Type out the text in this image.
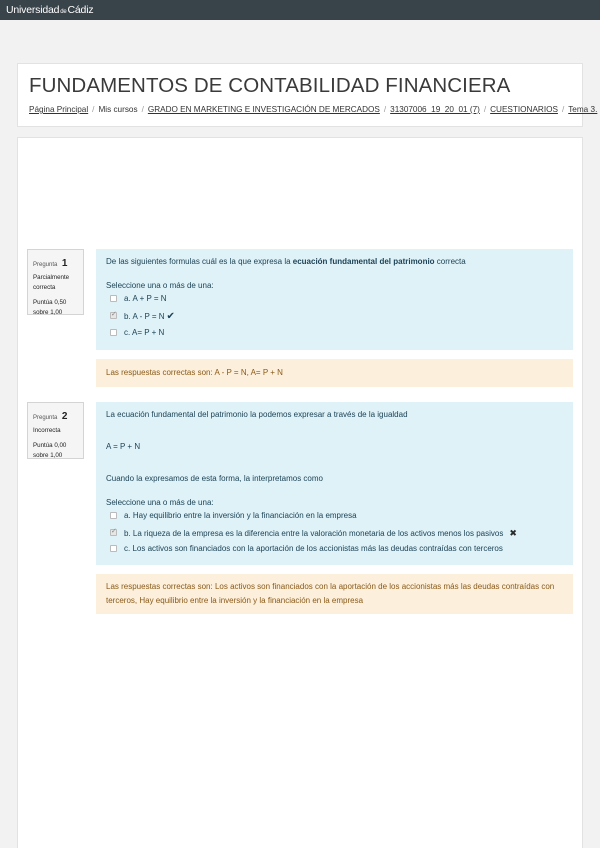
UniversidaddeCádiz
FUNDAMENTOS DE CONTABILIDAD FINANCIERA
Página Principal / Mis cursos / GRADO EN MARKETING E INVESTIGACIÓN DE MERCADOS / 31307006_19_20_01 (7) / CUESTIONARIOS / Tema 3.
Pregunta 1
Parcialmente correcta
Puntúa 0,50 sobre 1,00
De las siguientes formulas cuál es la que expresa la ecuación fundamental del patrimonio correcta
Seleccione una o más de una:
a. A + P = N
✓
b. A - P = N ✔
c. A= P + N
Las respuestas correctas son: A - P = N, A= P + N
Pregunta 2
Incorrecta
Puntúa 0,00 sobre 1,00
La ecuación fundamental del patrimonio la podemos expresar a través de la igualdad
A = P + N
Cuando la expresamos de esta forma, la interpretamos como
Seleccione una o más de una:
a. Hay equilibrio entre la inversión y la financiación en la empresa
✓
b. La riqueza de la empresa es la diferencia entre la valoración monetaria de los activos menos los pasivos ✖
c. Los activos son financiados con la aportación de los accionistas más las deudas contraídas con terceros
Las respuestas correctas son: Los activos son financiados con la aportación de los accionistas más las deudas contraídas con terceros, Hay equilibrio entre la inversión y la financiación en la empresa
